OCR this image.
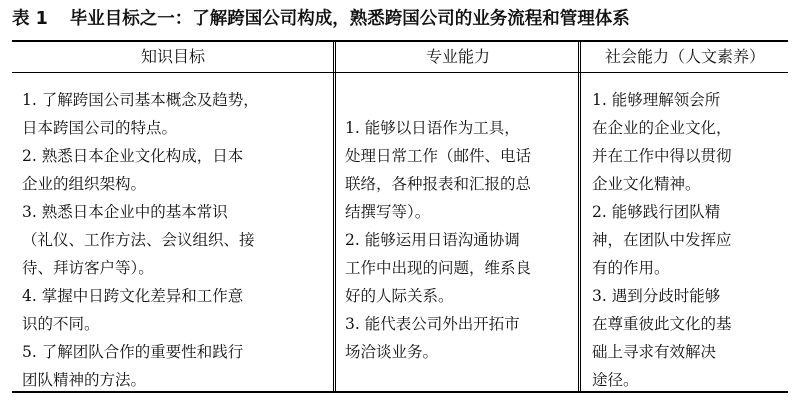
表 1 毕业目标之一：了解跨国公司构成，熟悉跨国公司的业务流程和管理体系
知识目标	专业能力	社会能力（人文素养）
1. 了解跨国公司基本概念及趋势，
日本跨国公司的特点。
2. 熟悉日本企业文化构成，日本
企业的组织架构。
3. 熟悉日本企业中的基本常识
（礼仪、工作方法、会议组织、接
待、拜访客户等）。
4. 掌握中日跨文化差异和工作意
识的不同。
5. 了解团队合作的重要性和践行
团队精神的方法。
1. 能够以日语作为工具，
处理日常工作（邮件、电话
联络，各种报表和汇报的总
结撰写等）。
2. 能够运用日语沟通协调
工作中出现的问题，维系良
好的人际关系。
3. 能代表公司外出开拓市
场洽谈业务。
1. 能够理解领会所
在企业的企业文化，
并在工作中得以贯彻
企业文化精神。
2. 能够践行团队精
神，在团队中发挥应
有的作用。
3. 遇到分歧时能够
在尊重彼此文化的基
础上寻求有效解决
途径。
